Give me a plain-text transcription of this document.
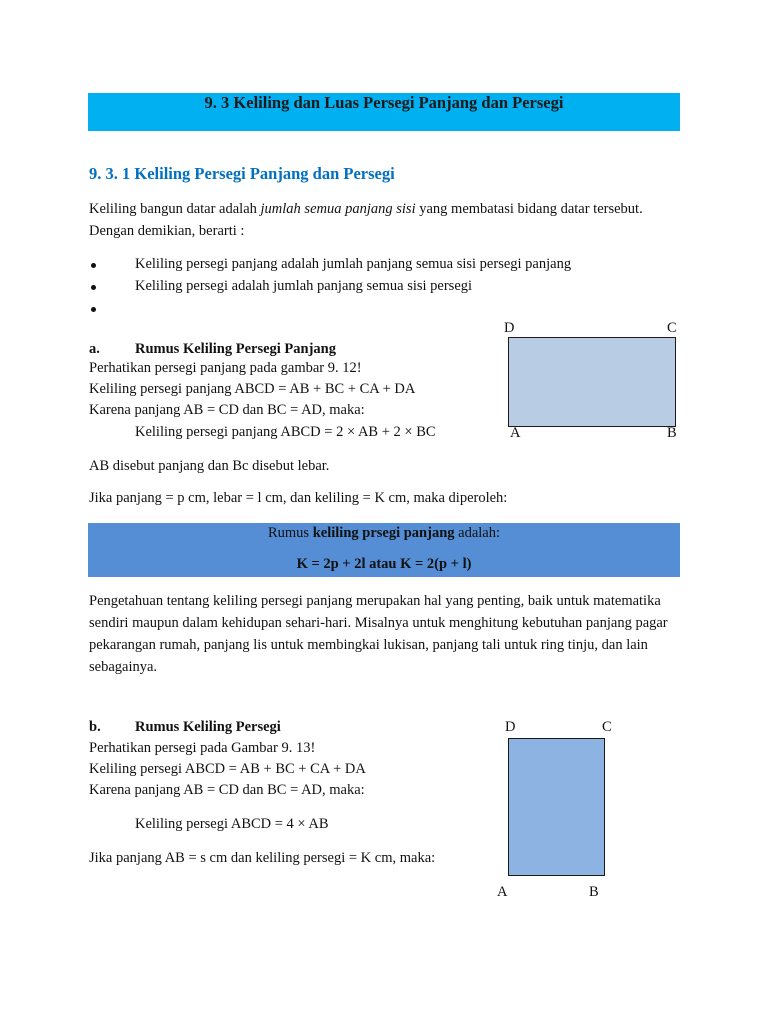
9. 3 Keliling dan Luas Persegi Panjang dan Persegi
9. 3. 1 Keliling Persegi Panjang dan Persegi
Keliling bangun datar adalah jumlah semua panjang sisi yang membatasi bidang datar tersebut.
Dengan demikian, berarti :
Keliling persegi panjang adalah jumlah panjang semua sisi persegi panjang
Keliling persegi adalah jumlah panjang semua sisi persegi
a. Rumus Keliling Persegi Panjang
Perhatikan persegi panjang pada gambar 9. 12!
Keliling persegi panjang ABCD = AB + BC + CA + DA
Karena panjang AB = CD dan BC = AD, maka:
Keliling persegi panjang ABCD = 2 × AB + 2 × BC
AB disebut panjang dan Bc disebut lebar.
Jika panjang = p cm, lebar = l cm, dan keliling = K cm, maka diperoleh:
D	C
A	B
Rumus keliling prsegi panjang adalah:
K = 2p + 2l atau K = 2(p + l)
Pengetahuan tentang keliling persegi panjang merupakan hal yang penting, baik untuk matematika sendiri maupun dalam kehidupan sehari-hari. Misalnya untuk menghitung kebutuhan panjang pagar pekarangan rumah, panjang lis untuk membingkai lukisan, panjang tali untuk ring tinju, dan lain sebagainya.
b. Rumus Keliling Persegi
Perhatikan persegi pada Gambar 9. 13!
Keliling persegi ABCD = AB + BC + CA + DA
Karena panjang AB = CD dan BC = AD, maka:
Keliling persegi ABCD = 4 × AB
Jika panjang AB = s cm dan keliling persegi = K cm, maka:
D	C
A	B
